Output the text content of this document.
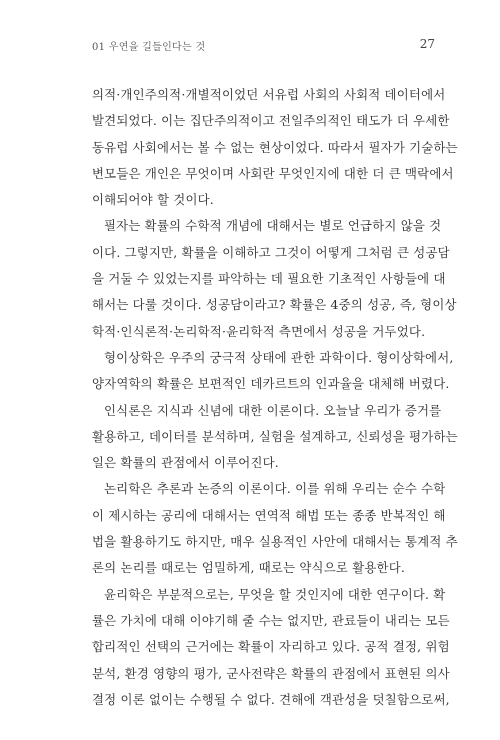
01 우연을 길들인다는 것	27
의적·개인주의적·개별적이었던 서유럽 사회의 사회적 데이터에서
발견되었다. 이는 집단주의적이고 전일주의적인 태도가 더 우세한
동유럽 사회에서는 볼 수 없는 현상이었다. 따라서 필자가 기술하는
변모들은 개인은 무엇이며 사회란 무엇인지에 대한 더 큰 맥락에서
이해되어야 할 것이다.
필자는 확률의 수학적 개념에 대해서는 별로 언급하지 않을 것
이다. 그렇지만, 확률을 이해하고 그것이 어떻게 그처럼 큰 성공담
을 거둘 수 있었는지를 파악하는 데 필요한 기초적인 사항들에 대
해서는 다룰 것이다. 성공담이라고? 확률은 4중의 성공, 즉, 형이상
학적·인식론적·논리학적·윤리학적 측면에서 성공을 거두었다.
형이상학은 우주의 궁극적 상태에 관한 과학이다. 형이상학에서,
양자역학의 확률은 보편적인 데카르트의 인과율을 대체해 버렸다.
인식론은 지식과 신념에 대한 이론이다. 오늘날 우리가 증거를
활용하고, 데이터를 분석하며, 실험을 설계하고, 신뢰성을 평가하는
일은 확률의 관점에서 이루어진다.
논리학은 추론과 논증의 이론이다. 이를 위해 우리는 순수 수학
이 제시하는 공리에 대해서는 연역적 해법 또는 종종 반복적인 해
법을 활용하기도 하지만, 매우 실용적인 사안에 대해서는 통계적 추
론의 논리를 때로는 엄밀하게, 때로는 약식으로 활용한다.
윤리학은 부분적으로는, 무엇을 할 것인지에 대한 연구이다. 확
률은 가치에 대해 이야기해 줄 수는 없지만, 관료들이 내리는 모든
합리적인 선택의 근거에는 확률이 자리하고 있다. 공적 결정, 위험
분석, 환경 영향의 평가, 군사전략은 확률의 관점에서 표현된 의사
결정 이론 없이는 수행될 수 없다. 견해에 객관성을 덧칠함으로써,
